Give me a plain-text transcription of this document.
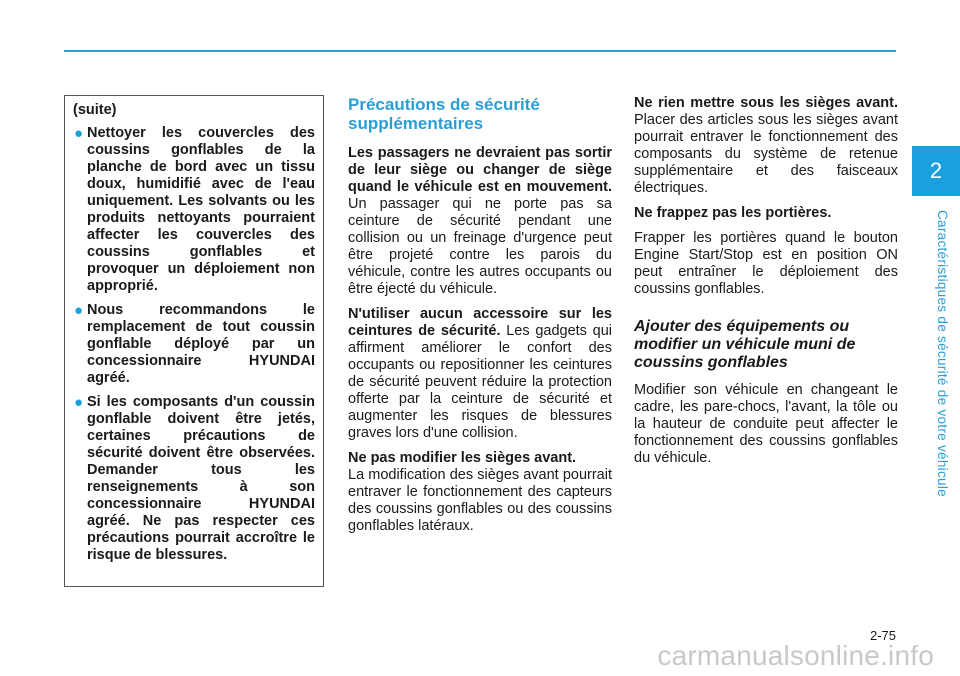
2
Caractéristiques de sécurité de votre véhicule

(suite)

● Nettoyer les couvercles des coussins gonflables de la planche de bord avec un tissu doux, humidifié avec de l'eau uniquement. Les solvants ou les produits nettoyants pourraient affecter les couvercles des coussins gonflables et provoquer un déploiement non approprié.
● Nous recommandons le remplacement de tout coussin gonflable déployé par un concessionnaire HYUNDAI agréé.
● Si les composants d'un coussin gonflable doivent être jetés, certaines précautions de sécurité doivent être observées. Demander tous les renseignements à son concessionnaire HYUNDAI agréé. Ne pas respecter ces précautions pourrait accroître le risque de blessures.
Précautions de sécurité supplémentaires

Les passagers ne devraient pas sortir de leur siège ou changer de siège quand le véhicule est en mouvement. Un passager qui ne porte pas sa ceinture de sécurité pendant une collision ou un freinage d'urgence peut être projeté contre les parois du véhicule, contre les autres occupants ou être éjecté du véhicule.

N'utiliser aucun accessoire sur les ceintures de sécurité. Les gadgets qui affirment améliorer le confort des occupants ou repositionner les ceintures de sécurité peuvent réduire la protection offerte par la ceinture de sécurité et augmenter les risques de blessures graves lors d'une collision.

Ne pas modifier les sièges avant.
La modification des sièges avant pourrait entraver le fonctionnement des capteurs des coussins gonflables ou des coussins gonflables latéraux.

Ne rien mettre sous les sièges avant. Placer des articles sous les sièges avant pourrait entraver le fonctionnement des composants du système de retenue supplémentaire et des faisceaux électriques.

Ne frappez pas les portières.

Frapper les portières quand le bouton Engine Start/Stop est en position ON peut entraîner le déploiement des coussins gonflables.

Ajouter des équipements ou modifier un véhicule muni de coussins gonflables

Modifier son véhicule en changeant le cadre, les pare-chocs, l'avant, la tôle ou la hauteur de conduite peut affecter le fonctionnement des coussins gonflables du véhicule.

2-75
carmanualsonline.info
